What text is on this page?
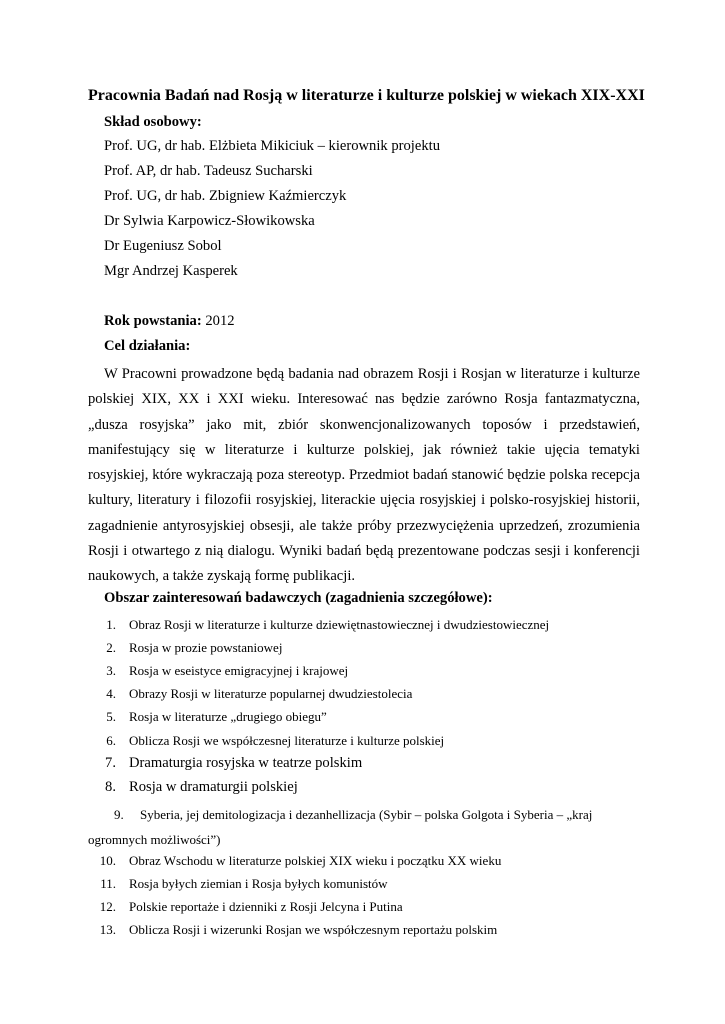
Pracownia Badań nad Rosją w literaturze i kulturze polskiej w wiekach XIX-XXI
Skład osobowy:
Prof. UG, dr hab. Elżbieta Mikiciuk – kierownik projektu
Prof. AP, dr hab. Tadeusz Sucharski
Prof. UG, dr hab. Zbigniew Kaźmierczyk
Dr Sylwia Karpowicz-Słowikowska
Dr Eugeniusz Sobol
Mgr Andrzej Kasperek
Rok powstania: 2012
Cel działania:
W Pracowni prowadzone będą badania nad obrazem Rosji i Rosjan w literaturze i kulturze polskiej XIX, XX i XXI wieku. Interesować nas będzie zarówno Rosja fantazmatyczna, „dusza rosyjska” jako mit, zbiór skonwencjonalizowanych toposów i przedstawień, manifestujący się w literaturze i kulturze polskiej, jak również takie ujęcia tematyki rosyjskiej, które wykraczają poza stereotyp. Przedmiot badań stanowić będzie polska recepcja kultury, literatury i filozofii rosyjskiej, literackie ujęcia rosyjskiej i polsko-rosyjskiej historii, zagadnienie antyrosyjskiej obsesji, ale także próby przezwyciężenia uprzedzeń, zrozumienia Rosji i otwartego z nią dialogu. Wyniki badań będą prezentowane podczas sesji i konferencji naukowych, a także zyskają formę publikacji.
Obszar zainteresowań badawczych (zagadnienia szczegółowe):
1. Obraz Rosji w literaturze i kulturze dziewiętnastowiecznej i dwudziestowiecznej
2. Rosja w prozie powstaniowej
3. Rosja w eseistyce emigracyjnej i krajowej
4. Obrazy Rosji w literaturze popularnej dwudziestolecia
5. Rosja w literaturze „drugiego obiegu”
6. Oblicza Rosji we współczesnej literaturze i kulturze polskiej
7. Dramaturgia rosyjska w teatrze polskim
8. Rosja w dramaturgii polskiej
9. Syberia, jej demitologizacja i dezanhellizacja (Sybir – polska Golgota i Syberia – „kraj ogromnych możliwości”)
10. Obraz Wschodu w literaturze polskiej XIX wieku i początku XX wieku
11. Rosja byłych ziemian i Rosja byłych komunistów
12. Polskie reportaże i dzienniki z Rosji Jelcyna i Putina
13. Oblicza Rosji i wizerunki Rosjan we współczesnym reportażu polskim
